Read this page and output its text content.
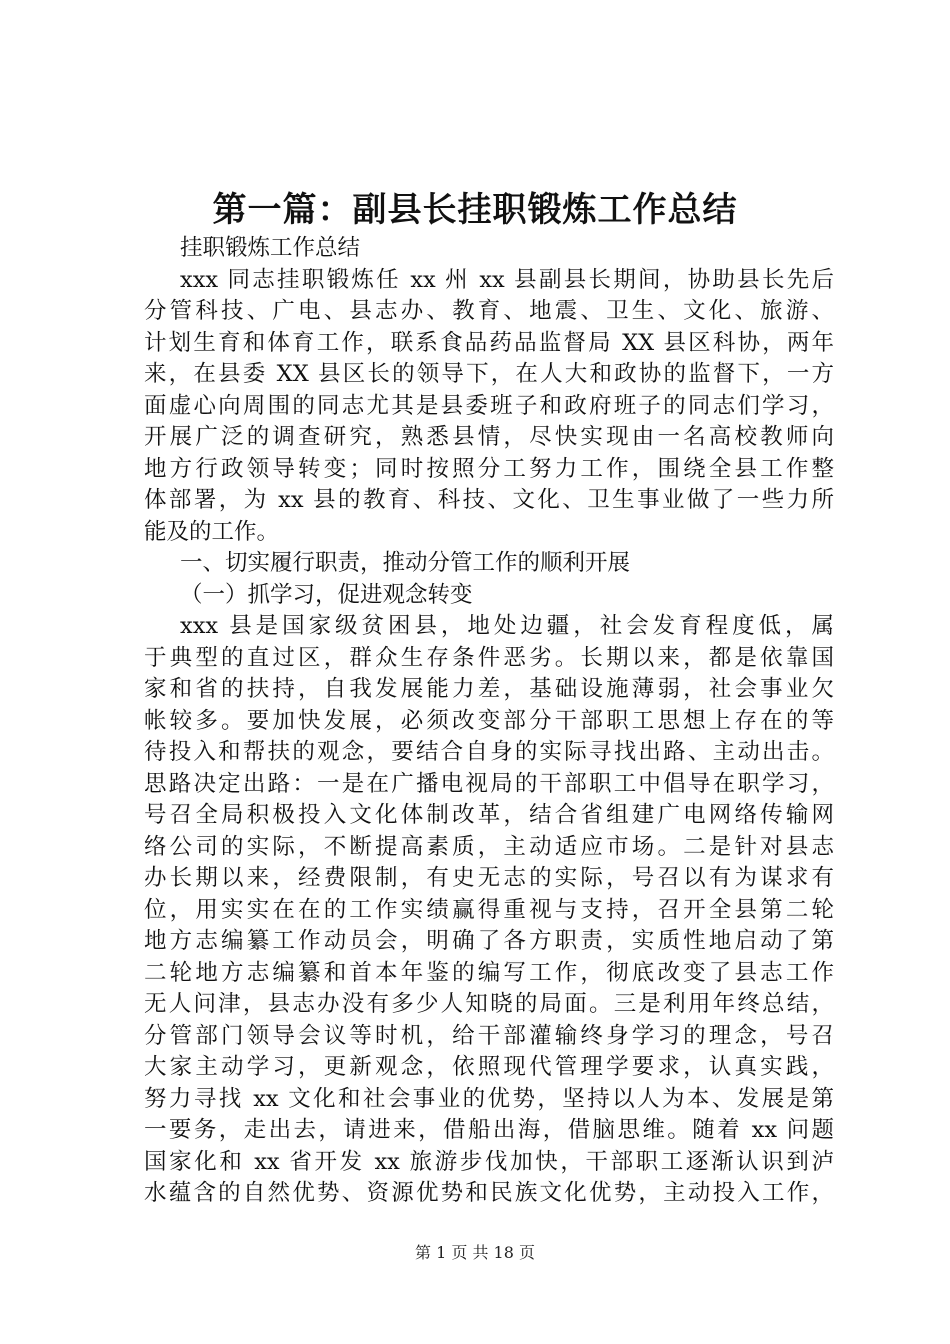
第一篇：副县长挂职锻炼工作总结
挂职锻炼工作总结
xxx 同志挂职锻炼任 xx 州 xx 县副县长期间，协助县长先后
分管科技、广电、县志办、教育、地震、卫生、文化、旅游、
计划生育和体育工作，联系食品药品监督局 XX 县区科协，两年
来，在县委 XX 县区长的领导下，在人大和政协的监督下，一方
面虚心向周围的同志尤其是县委班子和政府班子的同志们学习，
开展广泛的调查研究，熟悉县情，尽快实现由一名高校教师向
地方行政领导转变；同时按照分工努力工作，围绕全县工作整
体部署，为 xx 县的教育、科技、文化、卫生事业做了一些力所
能及的工作。
一、切实履行职责，推动分管工作的顺利开展
（一）抓学习，促进观念转变
xxx 县是国家级贫困县，地处边疆，社会发育程度低，属
于典型的直过区，群众生存条件恶劣。长期以来，都是依靠国
家和省的扶持，自我发展能力差，基础设施薄弱，社会事业欠
帐较多。要加快发展，必须改变部分干部职工思想上存在的等
待投入和帮扶的观念，要结合自身的实际寻找出路、主动出击。
思路决定出路：一是在广播电视局的干部职工中倡导在职学习，
号召全局积极投入文化体制改革，结合省组建广电网络传输网
络公司的实际，不断提高素质，主动适应市场。二是针对县志
办长期以来，经费限制，有史无志的实际，号召以有为谋求有
位，用实实在在的工作实绩赢得重视与支持，召开全县第二轮
地方志编纂工作动员会，明确了各方职责，实质性地启动了第
二轮地方志编纂和首本年鉴的编写工作，彻底改变了县志工作
无人问津，县志办没有多少人知晓的局面。三是利用年终总结，
分管部门领导会议等时机，给干部灌输终身学习的理念，号召
大家主动学习，更新观念，依照现代管理学要求，认真实践，
努力寻找 xx 文化和社会事业的优势，坚持以人为本、发展是第
一要务，走出去，请进来，借船出海，借脑思维。随着 xx 问题
国家化和 xx 省开发 xx 旅游步伐加快，干部职工逐渐认识到泸
水蕴含的自然优势、资源优势和民族文化优势，主动投入工作，
第 1 页 共 18 页
